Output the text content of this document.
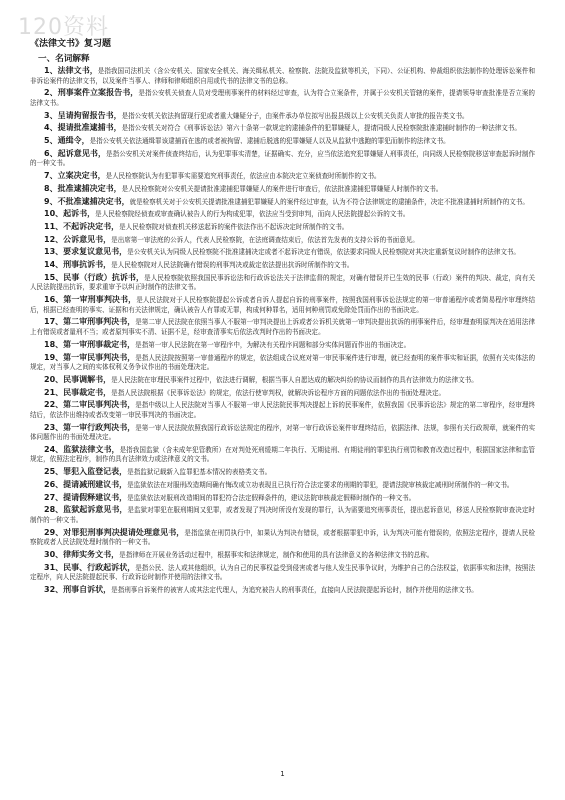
120资料
《法律文书》复习题
一、名词解释

1、法律文书，是指我国司法机关（含公安机关、国家安全机关、海关缉私机关、检察院、法院及监狱等机关，下同）、公证机构、仲裁组织依法制作的处理诉讼案件和非诉讼案件的法律文书，以及案件当事人、律师和律师组织自用或代书的法律文书的总称。

2、刑事案件立案报告书，是指公安机关侦查人员对受理刑事案件的材料经过审查，认为符合立案条件，并属于公安机关管辖的案件，提请领导审查批准是否立案的法律文书。

3、呈请拘留报告书，是指公安机关依法拘留现行犯或者重大嫌疑分子，由案件承办单位拟写出报县级以上公安机关负责人审批的报告类文书。

4、提请批准逮捕书，是指公安机关对符合《刑事诉讼法》第六十条第一款规定的逮捕条件的犯罪嫌疑人，提请同级人民检察院批准逮捕时制作的一种法律文书。

5、通缉令，是指公安机关依法通缉罪该逮捕而在逃的或者被拘留、逮捕后脱逃的犯罪嫌疑人以及从监狱中逃跑的罪犯而制作的法律文书。

6、起诉意见书，是指公安机关对案件侦查终结后，认为犯罪事实清楚，证据确实、充分，应当依法追究犯罪嫌疑人刑事责任，向同级人民检察院移送审查起诉时制作的一种文书。

7、立案决定书，是人民检察院认为有犯罪事实需要追究刑事责任，依法应由本院决定立案侦查时所制作的文书。

8、批准逮捕决定书，是人民检察院对公安机关提请批准逮捕犯罪嫌疑人的案件进行审查后，依法批准逮捕犯罪嫌疑人时制作的文书。

9、不批准逮捕决定书，就是检察机关对于公安机关提请批准逮捕犯罪嫌疑人的案件经过审查，认为不符合法律规定的逮捕条件，决定不批准逮捕时所制作的文书。

10、起诉书，是人民检察院经侦查或审查确认被告人的行为构成犯罪，依法应当受到审判，而向人民法院提起公诉的文书。

11、不起诉决定书，是人民检察院对侦查机关移送起诉的案件依法作出不起诉决定时所制作的文书。

12、公诉意见书，是出席第一审法庭的公诉人，代表人民检察院，在法庭调查结束后，依法首先发表的支持公诉的书面意见。

13、要求复议意见书，是公安机关认为同级人民检察院不批准逮捕决定或者不起诉决定有错误，依法要求同级人民检察院对其决定重新复议时制作的法律文书。

14、刑事抗诉书，是人民检察院对人民法院确有错误的刑事判决或裁定依法提出抗诉时所制作的文书。

15、民事（行政）抗诉书，是人民检察院依照我国民事诉讼法和行政诉讼法关于法律监督的规定，对确有错误并已生效的民事（行政）案件的判决、裁定，向有关人民法院提出抗诉，要求重审予以纠正时制作的法律文书。

16、第一审刑事判决书，是人民法院对于人民检察院提起公诉或者自诉人提起自诉的刑事案件，按照我国刑事诉讼法规定的第一审普通程序或者简易程序审理终结后，根据已经查明的事实、证据和有关法律规定，确认被告人有罪或无罪，构成何种罪名，适用何种刑罚或免除处罚而作出的书面决定。

17、第二审刑事判决书，是第二审人民法院在依照当事人不服第一审判决提出上诉或者公诉机关就第一审判决提出抗诉的刑事案件后，经审理查明原判决在适用法律上有错误或者量刑不当；或者原判事实不清、证据不足，经审查清事实后依法改判时作出的书面决定。

18、第一审刑事裁定书，是指第一审人民法院在第一审程序中，为解决有关程序问题和部分实体问题而作出的书面决定。

19、第一审民事判决书，是指人民法院按照第一审普通程序的规定，依法组成合议庭对第一审民事案件进行审理，就已经查明的案件事实和证据，依照有关实体法的规定，对当事人之间的实体权利义务争议作出的书面处理决定。

20、民事调解书，是人民法院在审理民事案件过程中，依法进行调解，根据当事人自愿达成的解决纠纷的协议而制作的具有法律效力的法律文书。

21、民事裁定书，是指人民法院根据《民事诉讼法》的规定，依法行使审判权，就解决诉讼程序方面的问题依法作出的书面处理决定。

22、第二审民事判决书，是指中级以上人民法院对当事人不服第一审人民法院民事判决提起上诉的民事案件，依照我国《民事诉讼法》规定的第二审程序，经审理终结后，依法作出维持或者改变第一审民事判决的书面决定。

23、第一审行政判决书，是第一审人民法院依照我国行政诉讼法规定的程序，对第一审行政诉讼案件审理终结后，依据法律、法规，参照有关行政规章，就案件的实体问题作出的书面处理决定。

24、监狱法律文书，是指我国监狱（含未成年犯管教所）在对判处死刑缓期二年执行、无期徒刑、有期徒刑的罪犯执行刑罚和教育改造过程中，根据国家法律和监管规定，依照法定程序，制作的具有法律效力或法律意义的文书。

25、罪犯入监登记表，是指监狱记载新入监罪犯基本情况的表格类文书。

26、提请减刑建议书，是监狱依法在对服刑改造期间确有悔改或立功表现且已执行符合法定要求的刑期的罪犯，提请法院审核裁定减刑时所制作的一种文书。

27、提请假释建议书，是监狱依法对服刑改造期间的罪犯符合法定假释条件的，建议法院审核裁定假释时制作的一种文书。

28、监狱起诉意见书，是监狱对罪犯在服刑期间又犯罪，或者发现了判决时所没有发现的罪行，认为需要追究刑事责任，提出起诉意见，移送人民检察院审查决定时制作的一种文书。

29、对罪犯刑事判决提请处理意见书，是指监狱在刑罚执行中，如果认为判决有错误，或者根据罪犯申诉，认为判决可能有错误的，依照法定程序，提请人民检察院或者人民法院处理时制作的一种文书。

30、律师实务文书，是指律师在开展业务活动过程中，根据事实和法律规定，制作和使用的具有法律意义的各种法律文书的总称。

31、民事、行政起诉状，是指公民、法人或其他组织，认为自己的民事权益受到侵害或者与他人发生民事争议时，为维护自己的合法权益，依据事实和法律，按照法定程序，向人民法院提起民事、行政诉讼时制作并使用的法律文书。

32、刑事自诉状，是指刑事自诉案件的被害人或其法定代理人，为追究被告人的刑事责任，直接向人民法院提起诉讼时，制作并使用的法律文书。

1
